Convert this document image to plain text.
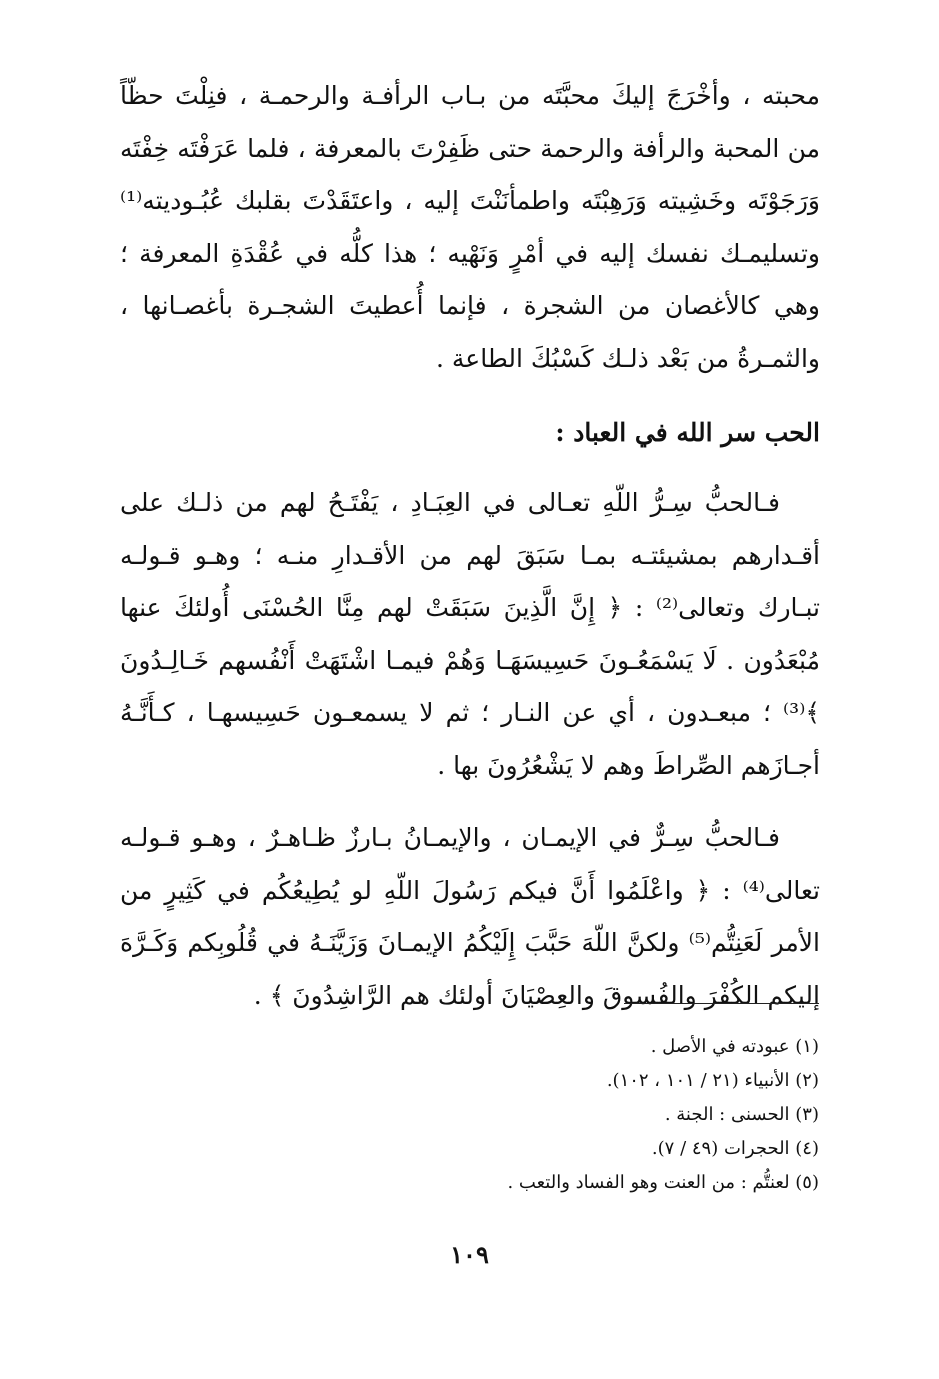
محبته ، وأخْرَجَ إليكَ محبَّتَه من بـاب الرأفـة والرحمـة ، فنِلْتَ حظّاً من المحبة والرأفة والرحمة حتى ظَفِرْتَ بالمعرفة ، فلما عَرَفْتَه خِفْتَه وَرَجَوْتَه وخَشِيته وَرَهِبْتَه واطمأنَنْتَ إليه ، واعتَقَدْتَ بقلبك عُبُـوديته⁽¹⁾ وتسليمـك نفسك إليه في أمْرٍ وَنَهْيه ؛ هذا كلُّه في عُقْدَةِ المعرفة ؛ وهي كالأغصان من الشجرة ، فإنما أُعطيتَ الشجـرة بأغصـانها ، والثمـرةُ من بَعْد ذلـك كَسْبُكَ الطاعة .

الحب سر الله في العباد :

فـالحبُّ سِـرُّ اللّهِ تعـالى في العِبَـادِ ، يَفْتَـحُ لهم من ذلـك على أقـدارهم بمشيئتـه بمـا سَبَقَ لهم من الأقـدارِ منـه ؛ وهـو قـولـه تبـارك وتعالى⁽²⁾ : ﴿ إِنَّ الَّذِينَ سَبَقَتْ لهم مِنَّا الحُسْنَى أُولئكَ عنها مُبْعَدُون . لَا يَسْمَعُـونَ حَسِيسَهَـا وَهُمْ فيمـا اشْتَهَتْ أَنْفُسهم خَـالِـدُونَ ﴾⁽³⁾ ؛ مبعـدون ، أي عن النـار ؛ ثم لا يسمعـون حَسِيسهـا ، كـأَنَّـهُ أجـازَهم الصِّراطَ وهم لا يَشْعُرُونَ بها .

فـالحبُّ سِـرٌّ في الإيمـان ، والإيمـانُ بـارزٌ ظـاهـرٌ ، وهـو قـولـه تعالى⁽⁴⁾ : ﴿ واعْلَمُوا أَنَّ فيكم رَسُولَ اللّهِ لو يُطِيعُكُم في كَثِيرٍ من الأمر لَعَنِتُّم⁽⁵⁾ ولكنَّ اللّهَ حَبَّبَ إِلَيْكُمُ الإيمـانَ وَزَيَّنَـهُ في قُلُوبِكم وَكَـرَّهَ إليكم الكُفْرَ والفُسوقَ والعِصْيَانَ أولئك هم الرَّاشِدُونَ ﴾ .

(١) عبودته في الأصل .

(٢) الأنبياء (٢١ / ١٠١ ، ١٠٢).

(٣) الحسنى : الجنة .

(٤) الحجرات (٤٩ / ٧).

(٥) لعنتُّم : من العنت وهو الفساد والتعب .

١٠٩
